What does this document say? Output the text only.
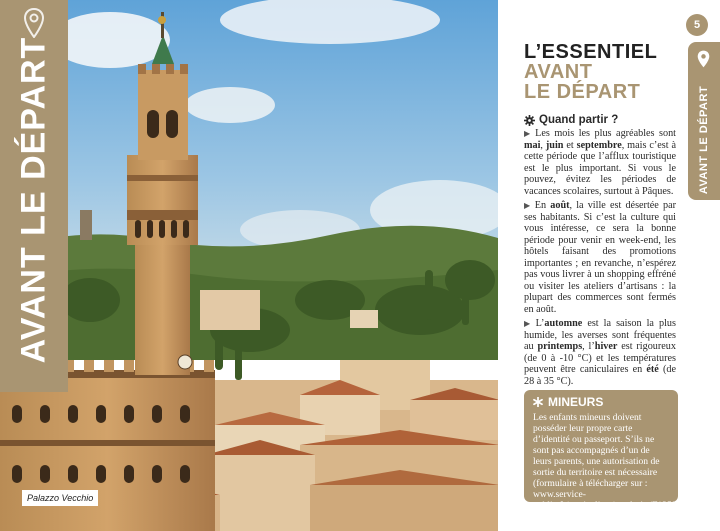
AVANT LE DÉPART
Palazzo Vecchio
5
AVANT LE DÉPART
L’ESSENTIEL
AVANT
LE DÉPART
Quand partir ?

▶ Les mois les plus agréables sont mai, juin et septembre, mais c’est à cette période que l’afflux touristique est le plus important. Si vous le pouvez, évitez les périodes de vacances scolaires, surtout à Pâques.

▶ En août, la ville est désertée par ses habitants. Si c’est la culture qui vous intéresse, ce sera la bonne période pour venir en week-end, les hôtels faisant des promotions importantes ; en revanche, n’espérez pas vous livrer à un shopping effréné ou visiter les ateliers d’artisans : la plupart des commerces sont fermés en août.

▶ L’automne est la saison la plus humide, les averses sont fréquentes au printemps, l’hiver est rigoureux (de 0 à -10 °C) et les températures peuvent être caniculaires en été (de 28 à 35 °C).

MINEURS
Les enfants mineurs doivent posséder leur propre carte d’identité ou passeport. S’ils ne sont pas accompagnés d’un de leurs parents, une autorisation de sortie du territoire est nécessaire (formulaire à télécharger sur : www.service-public.fr/particuliers/vosdroits/F1359).
